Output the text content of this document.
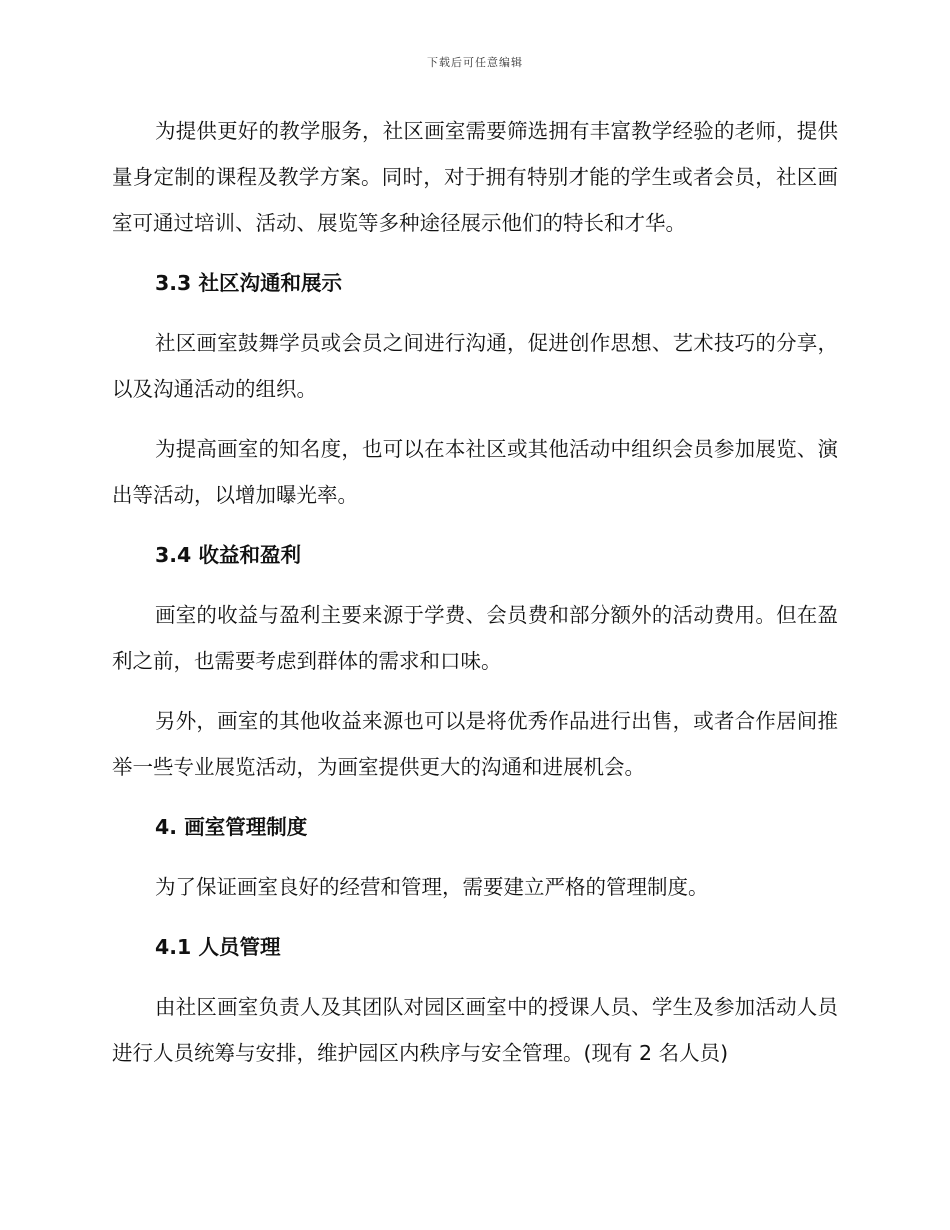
下载后可任意编辑

为提供更好的教学服务，社区画室需要筛选拥有丰富教学经验的老师，提供量身定制的课程及教学方案。同时，对于拥有特别才能的学生或者会员，社区画室可通过培训、活动、展览等多种途径展示他们的特长和才华。

3.3 社区沟通和展示

社区画室鼓舞学员或会员之间进行沟通，促进创作思想、艺术技巧的分享，以及沟通活动的组织。

为提高画室的知名度，也可以在本社区或其他活动中组织会员参加展览、演出等活动，以增加曝光率。

3.4 收益和盈利

画室的收益与盈利主要来源于学费、会员费和部分额外的活动费用。但在盈利之前，也需要考虑到群体的需求和口味。

另外，画室的其他收益来源也可以是将优秀作品进行出售，或者合作居间推举一些专业展览活动，为画室提供更大的沟通和进展机会。

4. 画室管理制度

为了保证画室良好的经营和管理，需要建立严格的管理制度。

4.1 人员管理

由社区画室负责人及其团队对园区画室中的授课人员、学生及参加活动人员进行人员统筹与安排，维护园区内秩序与安全管理。(现有 2 名人员)
